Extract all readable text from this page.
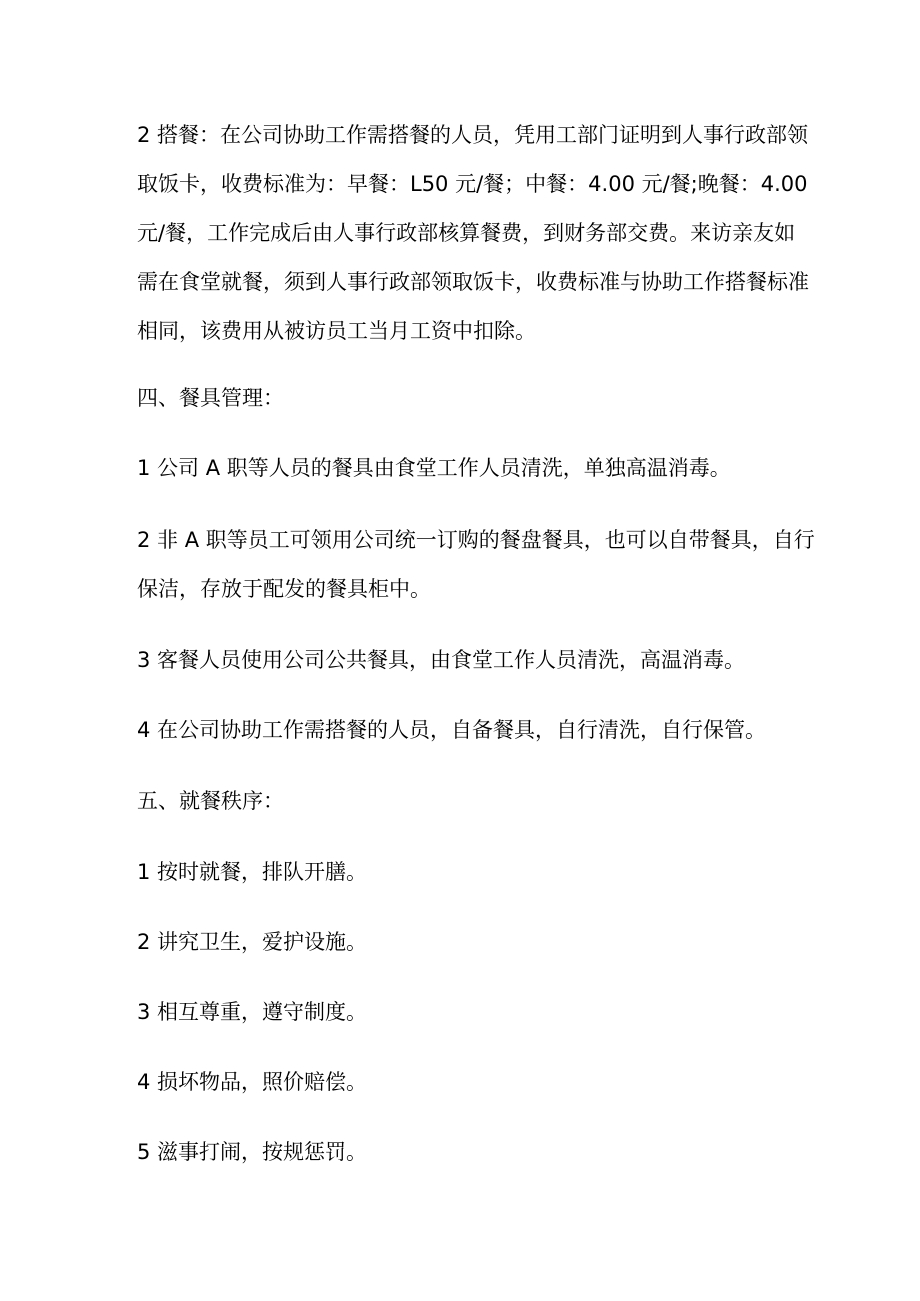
2 搭餐：在公司协助工作需搭餐的人员，凭用工部门证明到人事行政部领
取饭卡，收费标准为：早餐：L50 元/餐；中餐：4.00 元/餐;晚餐：4.00
元/餐，工作完成后由人事行政部核算餐费，到财务部交费。来访亲友如
需在食堂就餐，须到人事行政部领取饭卡，收费标准与协助工作搭餐标准
相同，该费用从被访员工当月工资中扣除。

四、餐具管理：

1 公司 A 职等人员的餐具由食堂工作人员清洗，单独高温消毒。

2 非 A 职等员工可领用公司统一订购的餐盘餐具，也可以自带餐具，自行
保洁，存放于配发的餐具柜中。

3 客餐人员使用公司公共餐具，由食堂工作人员清洗，高温消毒。

4 在公司协助工作需搭餐的人员，自备餐具，自行清洗，自行保管。

五、就餐秩序：

1 按时就餐，排队开膳。

2 讲究卫生，爱护设施。

3 相互尊重，遵守制度。

4 损坏物品，照价赔偿。

5 滋事打闹，按规惩罚。
